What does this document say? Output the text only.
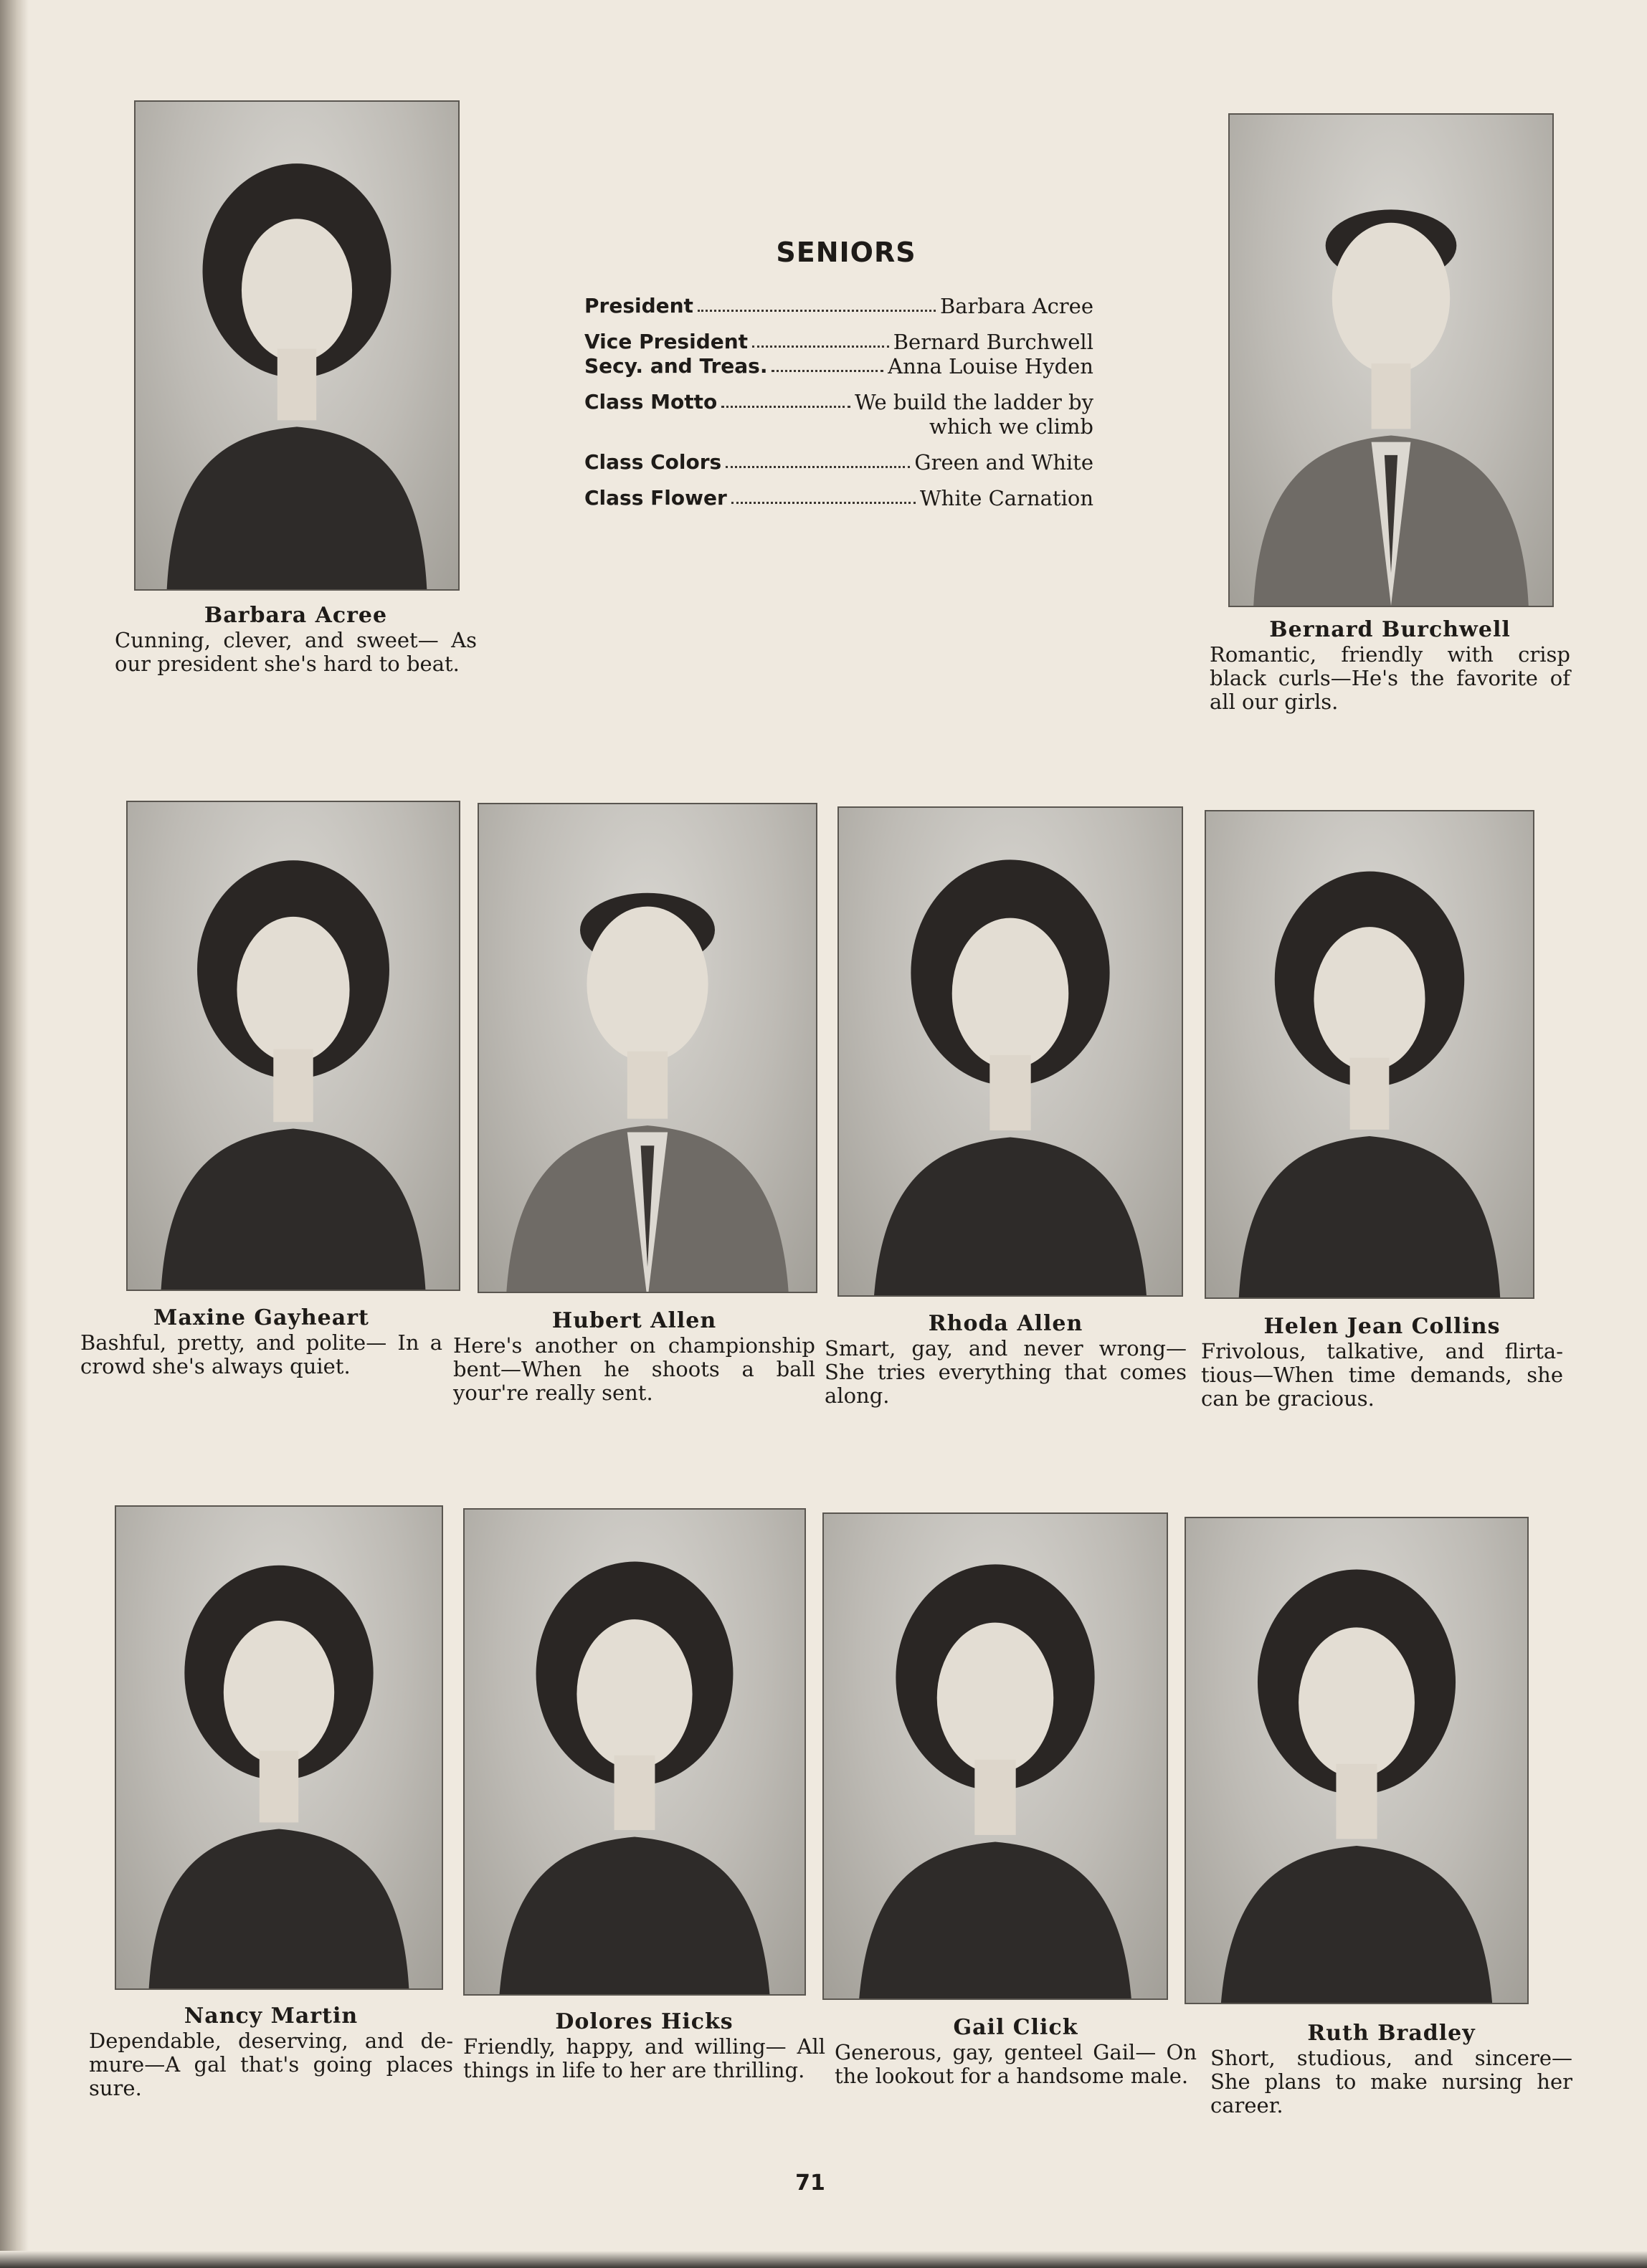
SENIORS
President	Barbara Acree
Vice President	Bernard Burchwell
Secy. and Treas.	Anna Louise Hyden
Class Motto	We build the ladder by
which we climb
Class Colors	Green and White
Class Flower	White Carnation
Barbara Acree
Cunning, clever, and sweet— As our president she's hard to beat.
Bernard Burchwell
Romantic, friendly with crisp black curls—He's the favorite of all our girls.
Maxine Gayheart
Bashful, pretty, and polite— In a crowd she's always quiet.
Hubert Allen
Here's another on championship bent—When he shoots a ball your're really sent.
Rhoda Allen
Smart, gay, and never wrong— She tries everything that comes along.
Helen Jean Collins
Frivolous, talkative, and flirta- tious—When time demands, she can be gracious.
Nancy Martin
Dependable, deserving, and de- mure—A gal that's going places sure.
Dolores Hicks
Friendly, happy, and willing— All things in life to her are thrilling.
Gail Click
Generous, gay, genteel Gail— On the lookout for a handsome male.
Ruth Bradley
Short, studious, and sincere— She plans to make nursing her career.
71
